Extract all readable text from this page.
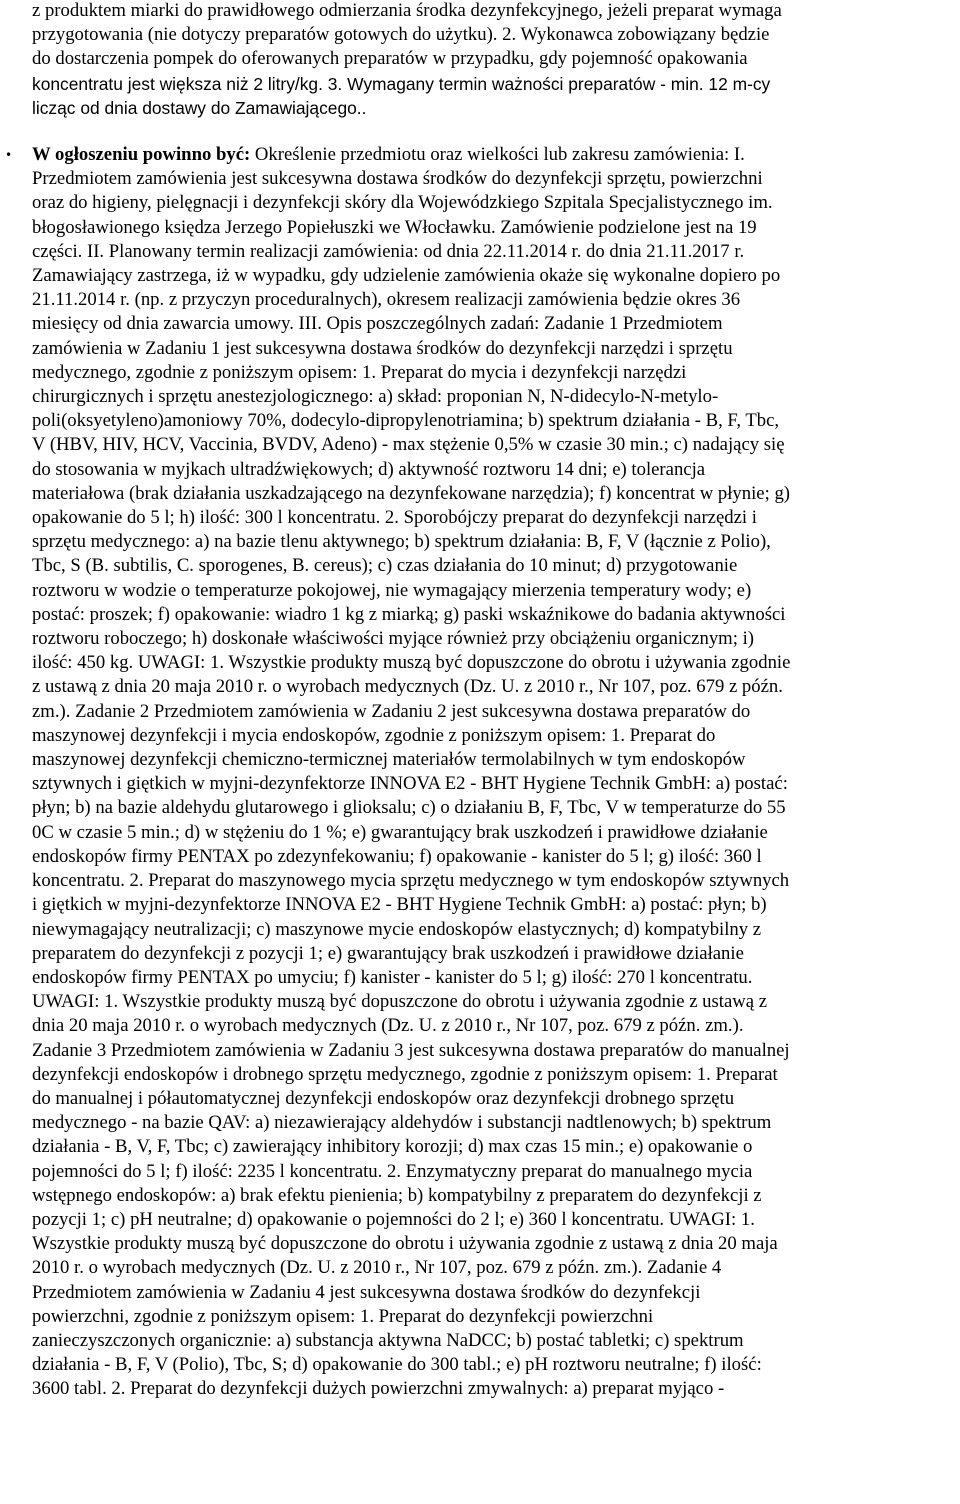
z produktem miarki do prawidłowego odmierzania środka dezynfekcyjnego, jeżeli preparat wymaga
przygotowania (nie dotyczy preparatów gotowych do użytku). 2. Wykonawca zobowiązany będzie
do dostarczenia pompek do oferowanych preparatów w przypadku, gdy pojemność opakowania
koncentratu jest większa niż 2 litry/kg. 3. Wymagany termin ważności preparatów - min. 12 m-cy
licząc od dnia dostawy do Zamawiającego..

• W ogłoszeniu powinno być: Określenie przedmiotu oraz wielkości lub zakresu zamówienia: I.
Przedmiotem zamówienia jest sukcesywna dostawa środków do dezynfekcji sprzętu, powierzchni
oraz do higieny, pielęgnacji i dezynfekcji skóry dla Wojewódzkiego Szpitala Specjalistycznego im.
błogosławionego księdza Jerzego Popiełuszki we Włocławku. Zamówienie podzielone jest na 19
części. II. Planowany termin realizacji zamówienia: od dnia 22.11.2014 r. do dnia 21.11.2017 r.
Zamawiający zastrzega, iż w wypadku, gdy udzielenie zamówienia okaże się wykonalne dopiero po
21.11.2014 r. (np. z przyczyn proceduralnych), okresem realizacji zamówienia będzie okres 36
miesięcy od dnia zawarcia umowy. III. Opis poszczególnych zadań: Zadanie 1 Przedmiotem
zamówienia w Zadaniu 1 jest sukcesywna dostawa środków do dezynfekcji narzędzi i sprzętu
medycznego, zgodnie z poniższym opisem: 1. Preparat do mycia i dezynfekcji narzędzi
chirurgicznych i sprzętu anestezjologicznego: a) skład: proponian N, N-didecylo-N-metylo-
poli(oksyetyleno)amoniowy 70%, dodecylo-dipropylenotriamina; b) spektrum działania - B, F, Tbc,
V (HBV, HIV, HCV, Vaccinia, BVDV, Adeno) - max stężenie 0,5% w czasie 30 min.; c) nadający się
do stosowania w myjkach ultradźwiękowych; d) aktywność roztworu 14 dni; e) tolerancja
materiałowa (brak działania uszkadzającego na dezynfekowane narzędzia); f) koncentrat w płynie; g)
opakowanie do 5 l; h) ilość: 300 l koncentratu. 2. Sporobójczy preparat do dezynfekcji narzędzi i
sprzętu medycznego: a) na bazie tlenu aktywnego; b) spektrum działania: B, F, V (łącznie z Polio),
Tbc, S (B. subtilis, C. sporogenes, B. cereus); c) czas działania do 10 minut; d) przygotowanie
roztworu w wodzie o temperaturze pokojowej, nie wymagający mierzenia temperatury wody; e)
postać: proszek; f) opakowanie: wiadro 1 kg z miarką; g) paski wskaźnikowe do badania aktywności
roztworu roboczego; h) doskonałe właściwości myjące również przy obciążeniu organicznym; i)
ilość: 450 kg. UWAGI: 1. Wszystkie produkty muszą być dopuszczone do obrotu i używania zgodnie
z ustawą z dnia 20 maja 2010 r. o wyrobach medycznych (Dz. U. z 2010 r., Nr 107, poz. 679 z późn.
zm.). Zadanie 2 Przedmiotem zamówienia w Zadaniu 2 jest sukcesywna dostawa preparatów do
maszynowej dezynfekcji i mycia endoskopów, zgodnie z poniższym opisem: 1. Preparat do
maszynowej dezynfekcji chemiczno-termicznej materiałów termolabilnych w tym endoskopów
sztywnych i giętkich w myjni-dezynfektorze INNOVA E2 - BHT Hygiene Technik GmbH: a) postać:
płyn; b) na bazie aldehydu glutarowego i glioksalu; c) o działaniu B, F, Tbc, V w temperaturze do 55
0C w czasie 5 min.; d) w stężeniu do 1 %; e) gwarantujący brak uszkodzeń i prawidłowe działanie
endoskopów firmy PENTAX po zdezynfekowaniu; f) opakowanie - kanister do 5 l; g) ilość: 360 l
koncentratu. 2. Preparat do maszynowego mycia sprzętu medycznego w tym endoskopów sztywnych
i giętkich w myjni-dezynfektorze INNOVA E2 - BHT Hygiene Technik GmbH: a) postać: płyn; b)
niewymagający neutralizacji; c) maszynowe mycie endoskopów elastycznych; d) kompatybilny z
preparatem do dezynfekcji z pozycji 1; e) gwarantujący brak uszkodzeń i prawidłowe działanie
endoskopów firmy PENTAX po umyciu; f) kanister - kanister do 5 l; g) ilość: 270 l koncentratu.
UWAGI: 1. Wszystkie produkty muszą być dopuszczone do obrotu i używania zgodnie z ustawą z
dnia 20 maja 2010 r. o wyrobach medycznych (Dz. U. z 2010 r., Nr 107, poz. 679 z późn. zm.).
Zadanie 3 Przedmiotem zamówienia w Zadaniu 3 jest sukcesywna dostawa preparatów do manualnej
dezynfekcji endoskopów i drobnego sprzętu medycznego, zgodnie z poniższym opisem: 1. Preparat
do manualnej i półautomatycznej dezynfekcji endoskopów oraz dezynfekcji drobnego sprzętu
medycznego - na bazie QAV: a) niezawierający aldehydów i substancji nadtlenowych; b) spektrum
działania - B, V, F, Tbc; c) zawierający inhibitory korozji; d) max czas 15 min.; e) opakowanie o
pojemności do 5 l; f) ilość: 2235 l koncentratu. 2. Enzymatyczny preparat do manualnego mycia
wstępnego endoskopów: a) brak efektu pienienia; b) kompatybilny z preparatem do dezynfekcji z
pozycji 1; c) pH neutralne; d) opakowanie o pojemności do 2 l; e) 360 l koncentratu. UWAGI: 1.
Wszystkie produkty muszą być dopuszczone do obrotu i używania zgodnie z ustawą z dnia 20 maja
2010 r. o wyrobach medycznych (Dz. U. z 2010 r., Nr 107, poz. 679 z późn. zm.). Zadanie 4
Przedmiotem zamówienia w Zadaniu 4 jest sukcesywna dostawa środków do dezynfekcji
powierzchni, zgodnie z poniższym opisem: 1. Preparat do dezynfekcji powierzchni
zanieczyszczonych organicznie: a) substancja aktywna NaDCC; b) postać tabletki; c) spektrum
działania - B, F, V (Polio), Tbc, S; d) opakowanie do 300 tabl.; e) pH roztworu neutralne; f) ilość:
3600 tabl. 2. Preparat do dezynfekcji dużych powierzchni zmywalnych: a) preparat myjąco -
